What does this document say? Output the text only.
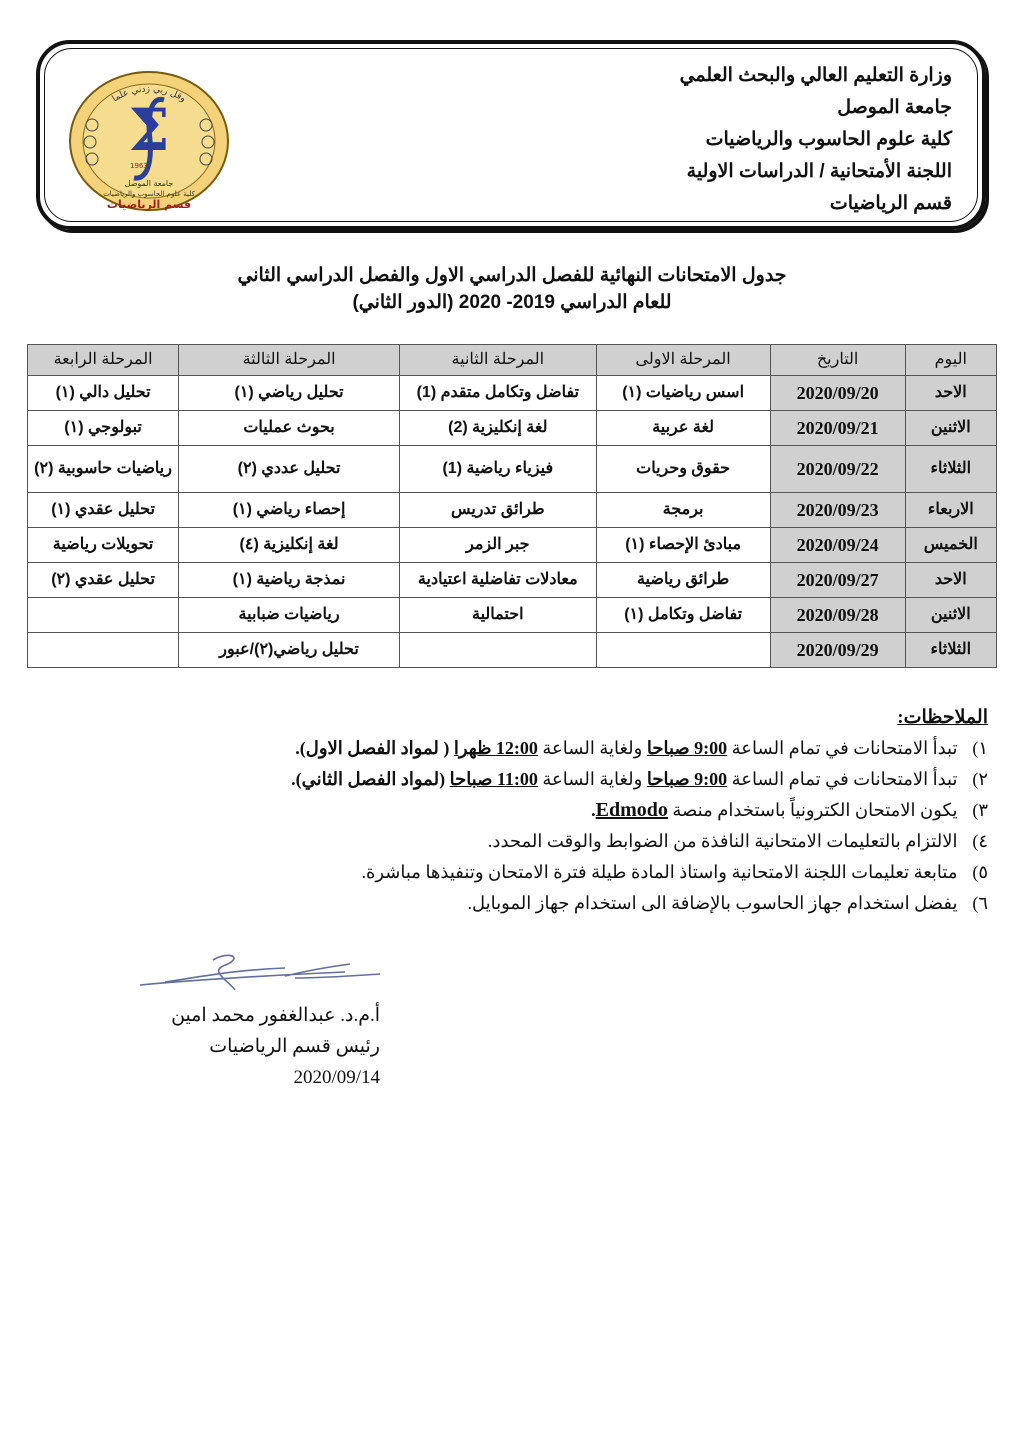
وقل ربي زدني علما
Σ
1963
جامعة الموصل
كلية علوم الحاسوب والرياضيات
قسم الرياضيات
وزارة التعليم العالي والبحث العلمي
جامعة الموصل
كلية علوم الحاسوب والرياضيات
اللجنة الأمتحانية / الدراسات الاولية
قسم الرياضيات
جدول الامتحانات النهائية للفصل الدراسي الاول والفصل الدراسي الثاني
للعام الدراسي 2019- 2020 (الدور الثاني)
اليوم	التاريخ	المرحلة الاولى	المرحلة الثانية	المرحلة الثالثة	المرحلة الرابعة
الاحد	2020/09/20	اسس رياضيات (١)	تفاضل وتكامل متقدم (1)	تحليل رياضي (١)	تحليل دالي (١)
الاثنين	2020/09/21	لغة عربية	لغة إنكليزية (2)	بحوث عمليات	تبولوجي (١)
الثلاثاء	2020/09/22	حقوق وحريات	فيزياء رياضية (1)	تحليل عددي (٢)	رياضيات حاسوبية (٢)
الاربعاء	2020/09/23	برمجة	طرائق تدريس	إحصاء رياضي (١)	تحليل عقدي (١)
الخميس	2020/09/24	مبادئ الإحصاء (١)	جبر الزمر	لغة إنكليزية (٤)	تحويلات رياضية
الاحد	2020/09/27	طرائق رياضية	معادلات تفاضلية اعتيادية	نمذجة رياضية (١)	تحليل عقدي (٢)
الاثنين	2020/09/28	تفاضل وتكامل (١)	احتمالية	رياضيات ضبابية	
الثلاثاء	2020/09/29			تحليل رياضي(٢)/عبور	
الملاحظات:
١) تبدأ الامتحانات في تمام الساعة 9:00 صباحا ولغاية الساعة 12:00 ظهرا ( لمواد الفصل الاول).
٢) تبدأ الامتحانات في تمام الساعة 9:00 صباحا ولغاية الساعة 11:00 صباحا (لمواد الفصل الثاني).
٣) يكون الامتحان الكترونياً باستخدام منصة Edmodo.
٤) الالتزام بالتعليمات الامتحانية النافذة من الضوابط والوقت المحدد.
٥) متابعة تعليمات اللجنة الامتحانية واستاذ المادة طيلة فترة الامتحان وتنفيذها مباشرة.
٦) يفضل استخدام جهاز الحاسوب بالإضافة الى استخدام جهاز الموبايل.
أ.م.د. عبدالغفور محمد امين
رئيس قسم الرياضيات
2020/09/14
